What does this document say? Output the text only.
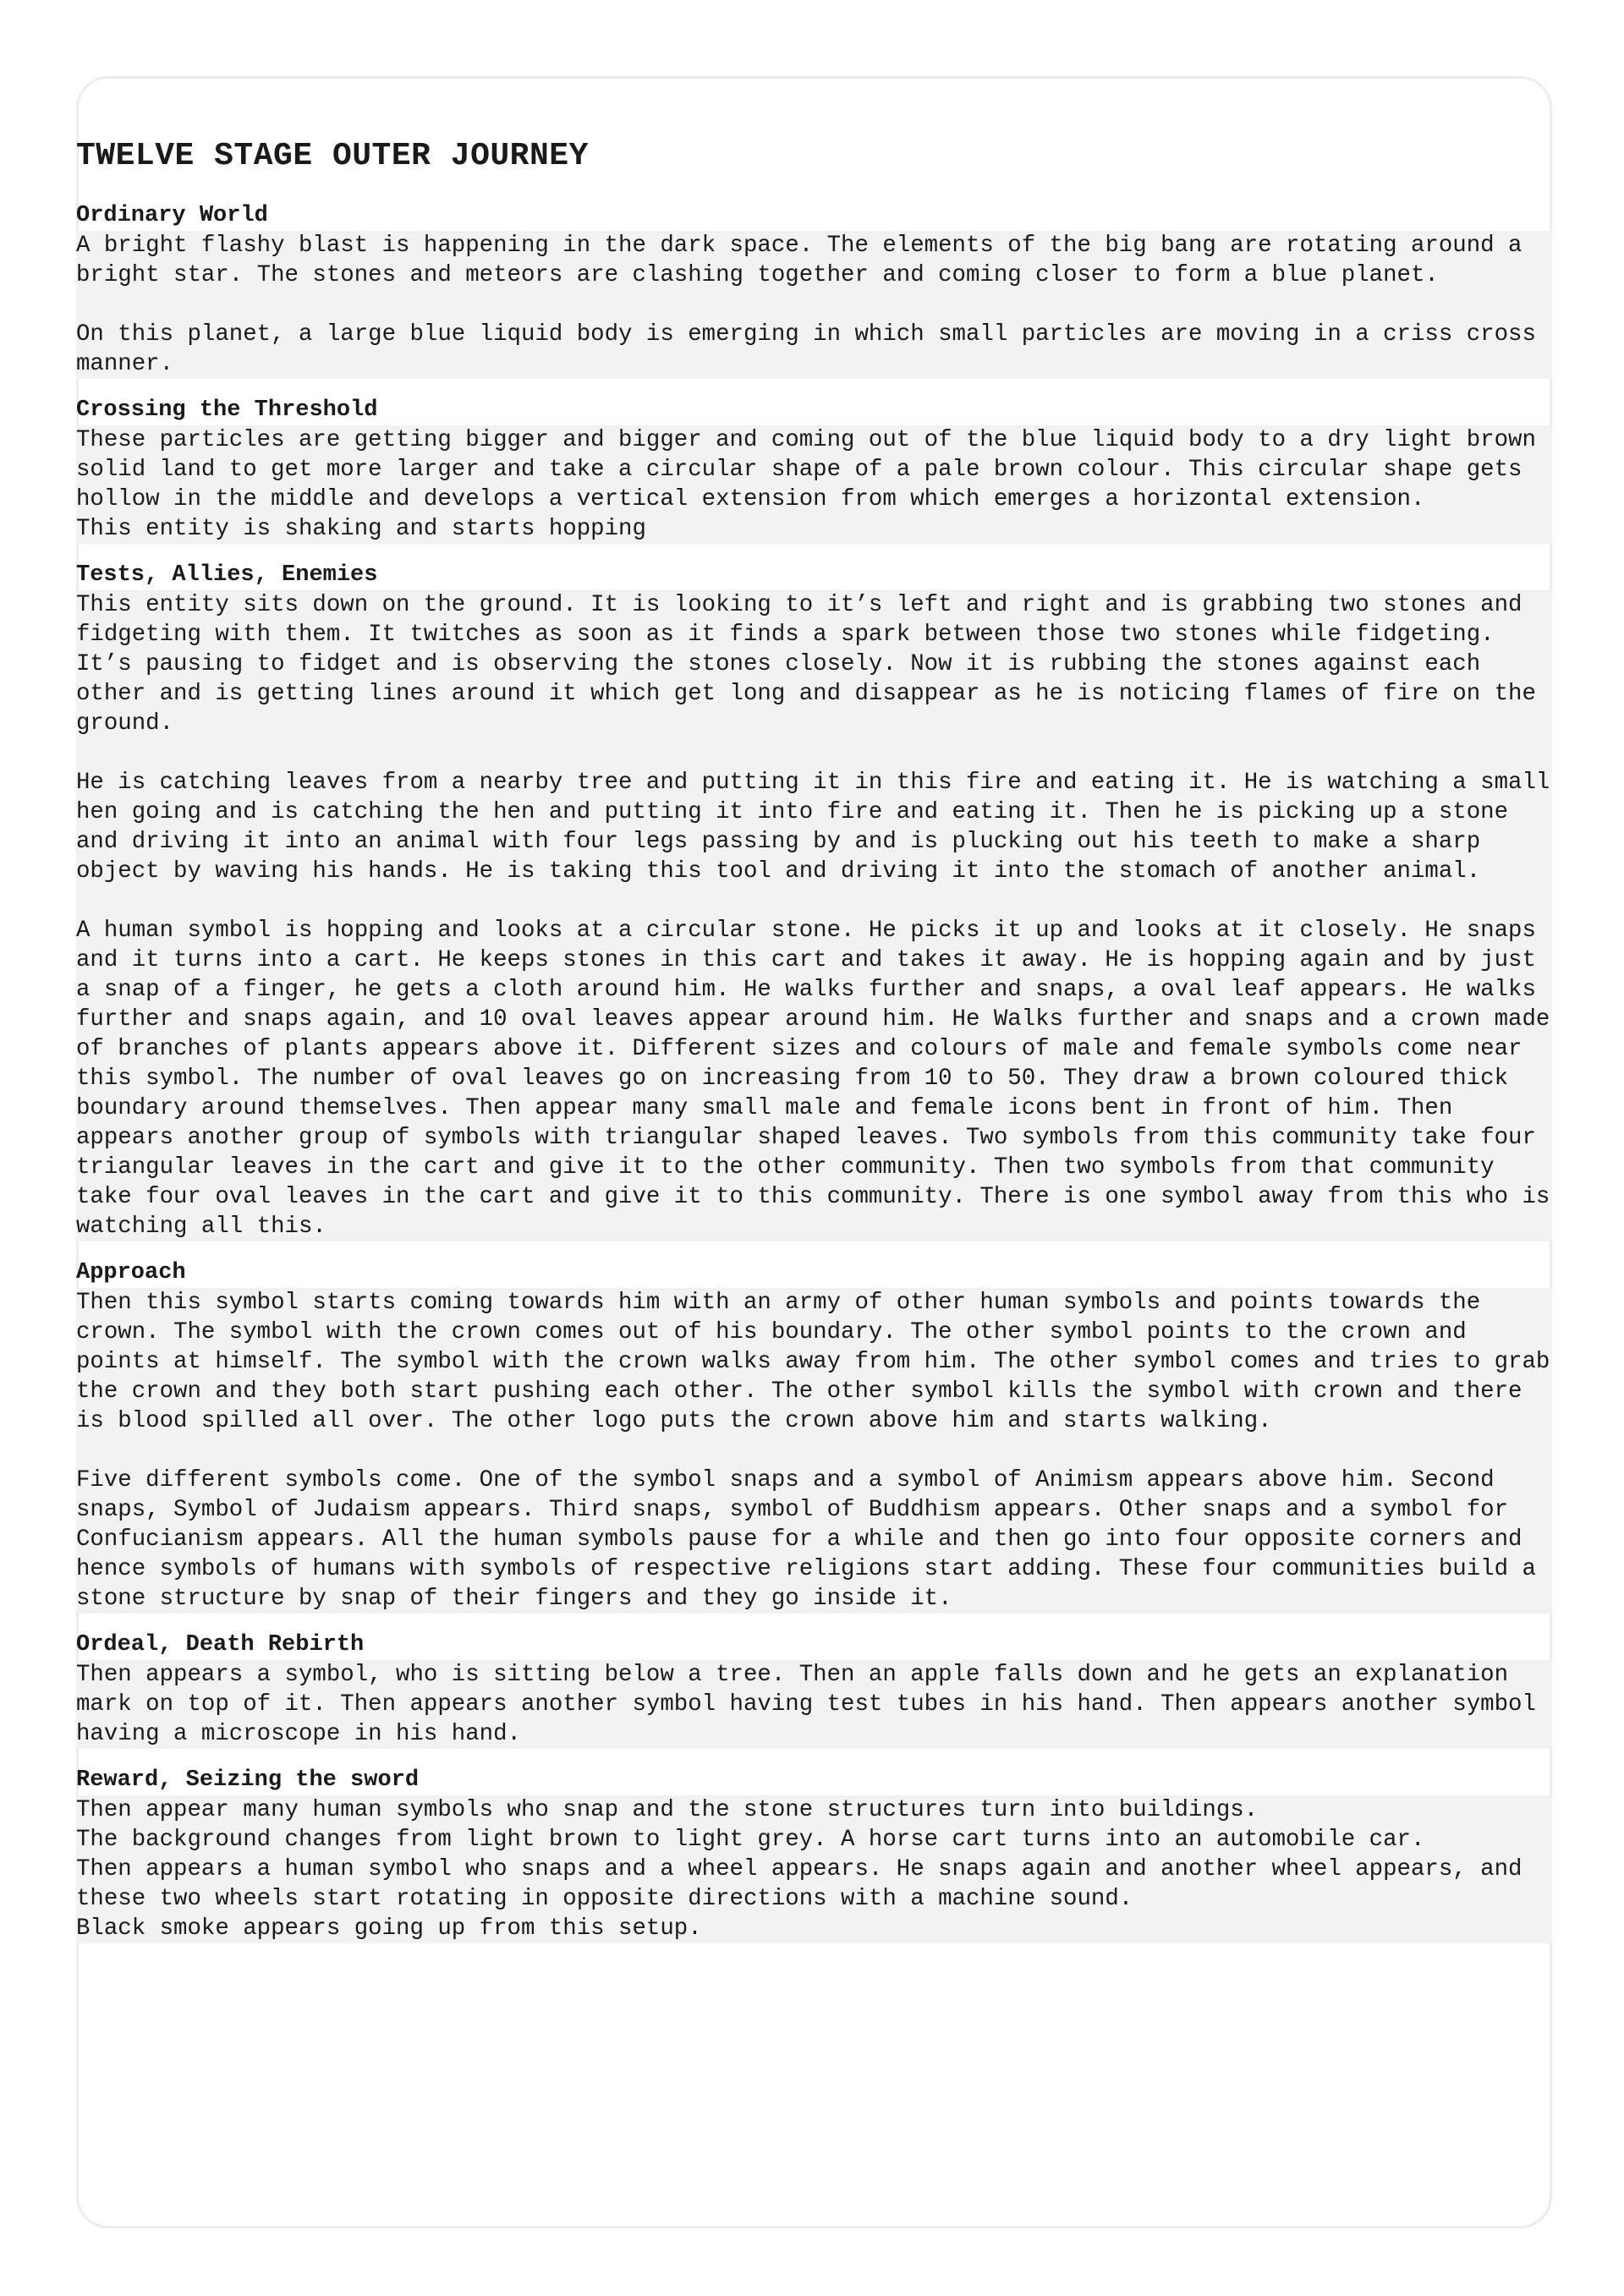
TWELVE STAGE OUTER JOURNEY
Ordinary World

A bright flashy blast is happening in the dark space. The elements of the big bang are rotating around a bright star. The stones and meteors are clashing together and coming closer to form a blue planet.

On this planet, a large blue liquid body is emerging in which small particles are moving in a criss cross manner.

Crossing the Threshold

These particles are getting bigger and bigger and coming out of the blue liquid body to a dry light brown solid land to get more larger and take a circular shape of a pale brown colour. This circular shape gets hollow in the middle and develops a vertical extension from which emerges a horizontal extension.

This entity is shaking and starts hopping

Tests, Allies, Enemies

This entity sits down on the ground. It is looking to it’s left and right and is grabbing two stones and fidgeting with them. It twitches as soon as it finds a spark between those two stones while fidgeting. It’s pausing to fidget and is observing the stones closely. Now it is rubbing the stones against each other and is getting lines around it which get long and disappear as he is noticing flames of fire on the ground.

He is catching leaves from a nearby tree and putting it in this fire and eating it. He is watching a small hen going and is catching the hen and putting it into fire and eating it. Then he is picking up a stone and driving it into an animal with four legs passing by and is plucking out his teeth to make a sharp object by waving his hands. He is taking this tool and driving it into the stomach of another animal.

A human symbol is hopping and looks at a circular stone. He picks it up and looks at it closely. He snaps and it turns into a cart. He keeps stones in this cart and takes it away. He is hopping again and by just a snap of a finger, he gets a cloth around him. He walks further and snaps, a oval leaf appears. He walks further and snaps again, and 10 oval leaves appear around him. He Walks further and snaps and a crown made of branches of plants appears above it. Different sizes and colours of male and female symbols come near this symbol. The number of oval leaves go on increasing from 10 to 50. They draw a brown coloured thick boundary around themselves. Then appear many small male and female icons bent in front of him. Then appears another group of symbols with triangular shaped leaves. Two symbols from this community take four triangular leaves in the cart and give it to the other community. Then two symbols from that community take four oval leaves in the cart and give it to this community. There is one symbol away from this who is watching all this.

Approach

Then this symbol starts coming towards him with an army of other human symbols and points towards the crown. The symbol with the crown comes out of his boundary. The other symbol points to the crown and points at himself. The symbol with the crown walks away from him. The other symbol comes and tries to grab the crown and they both start pushing each other. The other symbol kills the symbol with crown and there is blood spilled all over. The other logo puts the crown above him and starts walking.

Five different symbols come. One of the symbol snaps and a symbol of Animism appears above him. Second snaps, Symbol of Judaism appears. Third snaps, symbol of Buddhism appears. Other snaps and a symbol for Confucianism appears. All the human symbols pause for a while and then go into four opposite corners and hence symbols of humans with symbols of respective religions start adding. These four communities build a stone structure by snap of their fingers and they go inside it.

Ordeal, Death Rebirth

Then appears a symbol, who is sitting below a tree. Then an apple falls down and he gets an explanation mark on top of it. Then appears another symbol having test tubes in his hand. Then appears another symbol having a microscope in his hand.

Reward, Seizing the sword

Then appear many human symbols who snap and the stone structures turn into buildings.

The background changes from light brown to light grey. A horse cart turns into an automobile car.

Then appears a human symbol who snaps and a wheel appears. He snaps again and another wheel appears, and these two wheels start rotating in opposite directions with a machine sound.

Black smoke appears going up from this setup.
